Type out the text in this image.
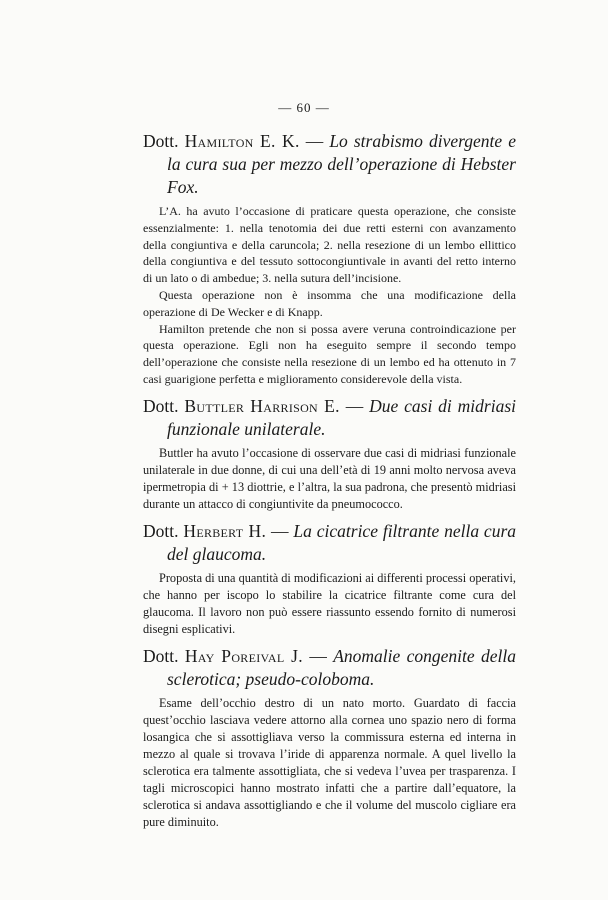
— 60 —

Dott. Hamilton E. K. — Lo strabismo divergente e la cura sua per mezzo dell’operazione di Hebster Fox.

L’A. ha avuto l’occasione di praticare questa operazione, che consiste essenzialmente: 1. nella tenotomia dei due retti esterni con avanzamento della congiuntiva e della caruncola; 2. nella resezione di un lembo ellittico della congiuntiva e del tessuto sottocongiuntivale in avanti del retto interno di un lato o di ambedue; 3. nella sutura dell’incisione.

Questa operazione non è insomma che una modificazione della operazione di De Wecker e di Knapp.

Hamilton pretende che non si possa avere veruna controindicazione per questa operazione. Egli non ha eseguito sempre il secondo tempo dell’operazione che consiste nella resezione di un lembo ed ha ottenuto in 7 casi guarigione perfetta e miglioramento considerevole della vista.

Dott. Buttler Harrison E. — Due casi di midriasi funzionale unilaterale.

Buttler ha avuto l’occasione di osservare due casi di midriasi funzionale unilaterale in due donne, di cui una dell’età di 19 anni molto nervosa aveva ipermetropia di + 13 diottrie, e l’altra, la sua padrona, che presentò midriasi durante un attacco di congiuntivite da pneumococco.

Dott. Herbert H. — La cicatrice filtrante nella cura del glaucoma.

Proposta di una quantità di modificazioni ai differenti processi operativi, che hanno per iscopo lo stabilire la cicatrice filtrante come cura del glaucoma. Il lavoro non può essere riassunto essendo fornito di numerosi disegni esplicativi.

Dott. Hay Poreival J. — Anomalie congenite della sclerotica; pseudo-coloboma.

Esame dell’occhio destro di un nato morto. Guardato di faccia quest’occhio lasciava vedere attorno alla cornea uno spazio nero di forma losangica che si assottigliava verso la commissura esterna ed interna in mezzo al quale si trovava l’iride di apparenza normale. A quel livello la sclerotica era talmente assottigliata, che si vedeva l’uvea per trasparenza. I tagli microscopici hanno mostrato infatti che a partire dall’equatore, la sclerotica si andava assottigliando e che il volume del muscolo cigliare era pure diminuito.
